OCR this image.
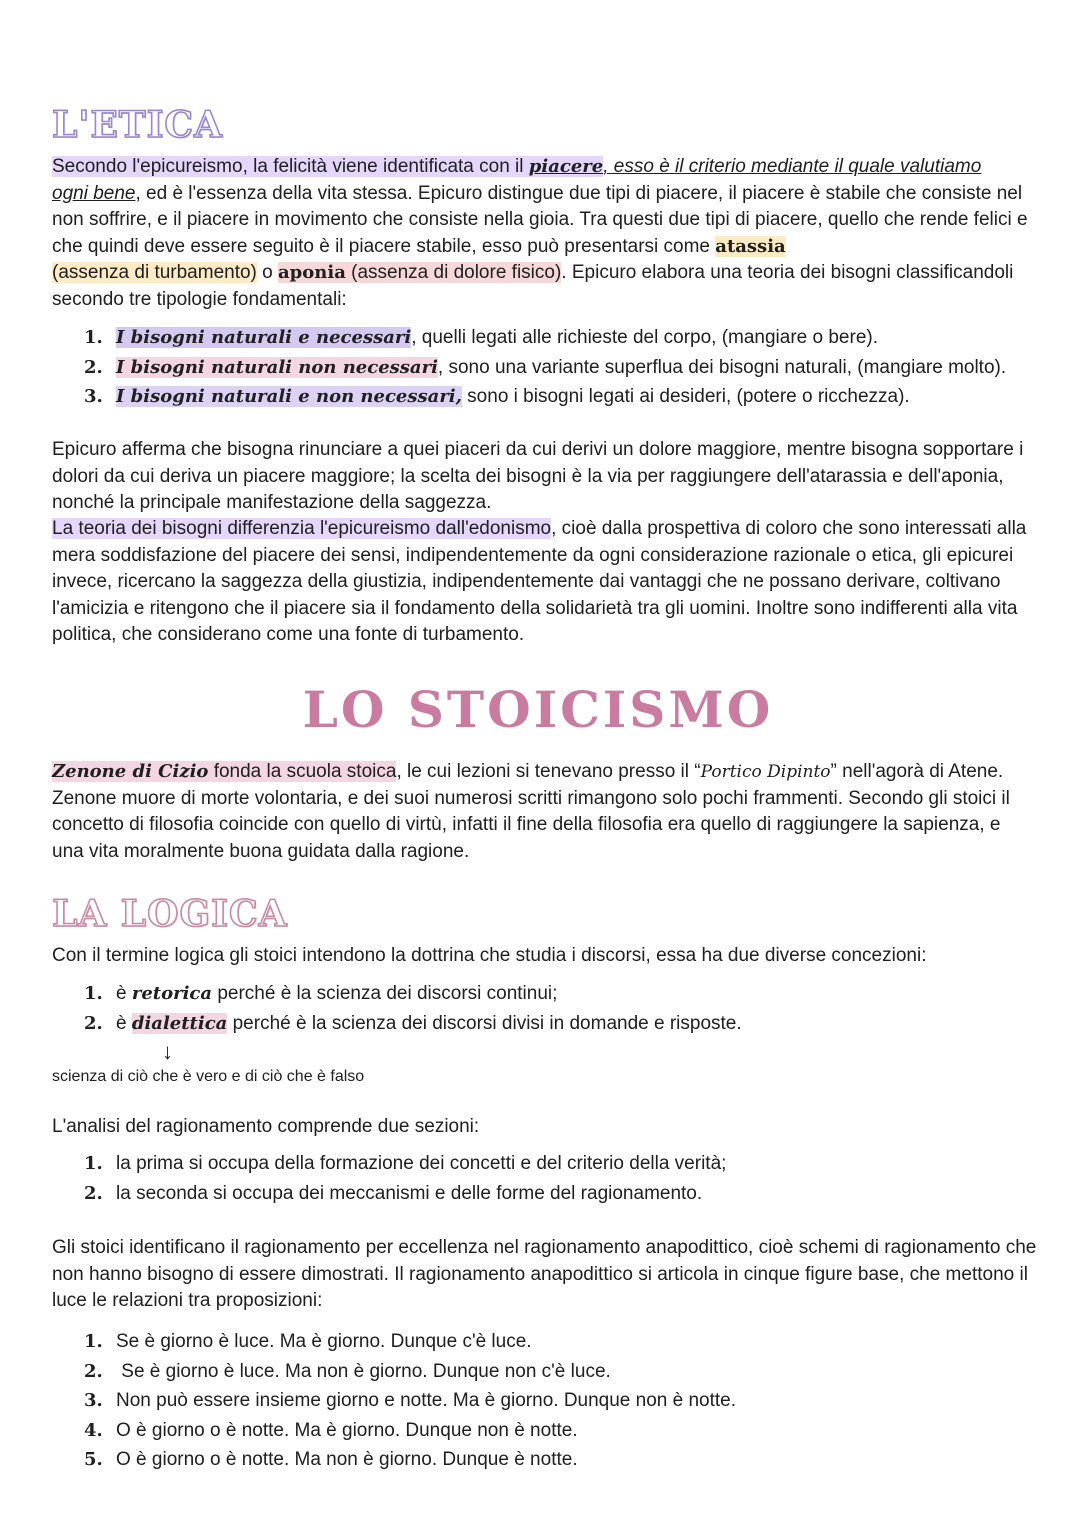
L'ETICA

Secondo l'epicureismo, la felicità viene identificata con il piacere, esso è il criterio mediante il quale valutiamo
ogni bene, ed è l'essenza della vita stessa. Epicuro distingue due tipi di piacere, il piacere è stabile che consiste nel non soffrire, e il piacere in movimento che consiste nella gioia. Tra questi due tipi di piacere, quello che rende felici e che quindi deve essere seguito è il piacere stabile, esso può presentarsi come atassia
(assenza di turbamento) o aponia (assenza di dolore fisico). Epicuro elabora una teoria dei bisogni classificandoli secondo tre tipologie fondamentali:

1. I bisogni naturali e necessari, quelli legati alle richieste del corpo, (mangiare o bere).
2. I bisogni naturali non necessari, sono una variante superflua dei bisogni naturali, (mangiare molto).
3. I bisogni naturali e non necessari, sono i bisogni legati ai desideri, (potere o ricchezza).

Epicuro afferma che bisogna rinunciare a quei piaceri da cui derivi un dolore maggiore, mentre bisogna sopportare i dolori da cui deriva un piacere maggiore; la scelta dei bisogni è la via per raggiungere dell'atarassia e dell'aponia, nonché la principale manifestazione della saggezza.

La teoria dei bisogni differenzia l'epicureismo dall'edonismo, cioè dalla prospettiva di coloro che sono interessati alla mera soddisfazione del piacere dei sensi, indipendentemente da ogni considerazione razionale o etica, gli epicurei invece, ricercano la saggezza della giustizia, indipendentemente dai vantaggi che ne possano derivare, coltivano l'amicizia e ritengono che il piacere sia il fondamento della solidarietà tra gli uomini. Inoltre sono indifferenti alla vita politica, che considerano come una fonte di turbamento.

LO STOICISMO

Zenone di Cizio fonda la scuola stoica, le cui lezioni si tenevano presso il “Portico Dipinto” nell'agorà di Atene. Zenone muore di morte volontaria, e dei suoi numerosi scritti rimangono solo pochi frammenti. Secondo gli stoici il concetto di filosofia coincide con quello di virtù, infatti il fine della filosofia era quello di raggiungere la sapienza, e una vita moralmente buona guidata dalla ragione.

LA LOGICA

Con il termine logica gli stoici intendono la dottrina che studia i discorsi, essa ha due diverse concezioni:

1. è retorica perché è la scienza dei discorsi continui;
2. è dialettica perché è la scienza dei discorsi divisi in domande e risposte.
↓
scienza di ciò che è vero e di ciò che è falso

L'analisi del ragionamento comprende due sezioni:

1. la prima si occupa della formazione dei concetti e del criterio della verità;
2. la seconda si occupa dei meccanismi e delle forme del ragionamento.

Gli stoici identificano il ragionamento per eccellenza nel ragionamento anapodittico, cioè schemi di ragionamento che non hanno bisogno di essere dimostrati. Il ragionamento anapodittico si articola in cinque figure base, che mettono il luce le relazioni tra proposizioni:

1. Se è giorno è luce. Ma è giorno. Dunque c'è luce.
2. Se è giorno è luce. Ma non è giorno. Dunque non c'è luce.
3. Non può essere insieme giorno e notte. Ma è giorno. Dunque non è notte.
4. O è giorno o è notte. Ma è giorno. Dunque non è notte.
5. O è giorno o è notte. Ma non è giorno. Dunque è notte.
